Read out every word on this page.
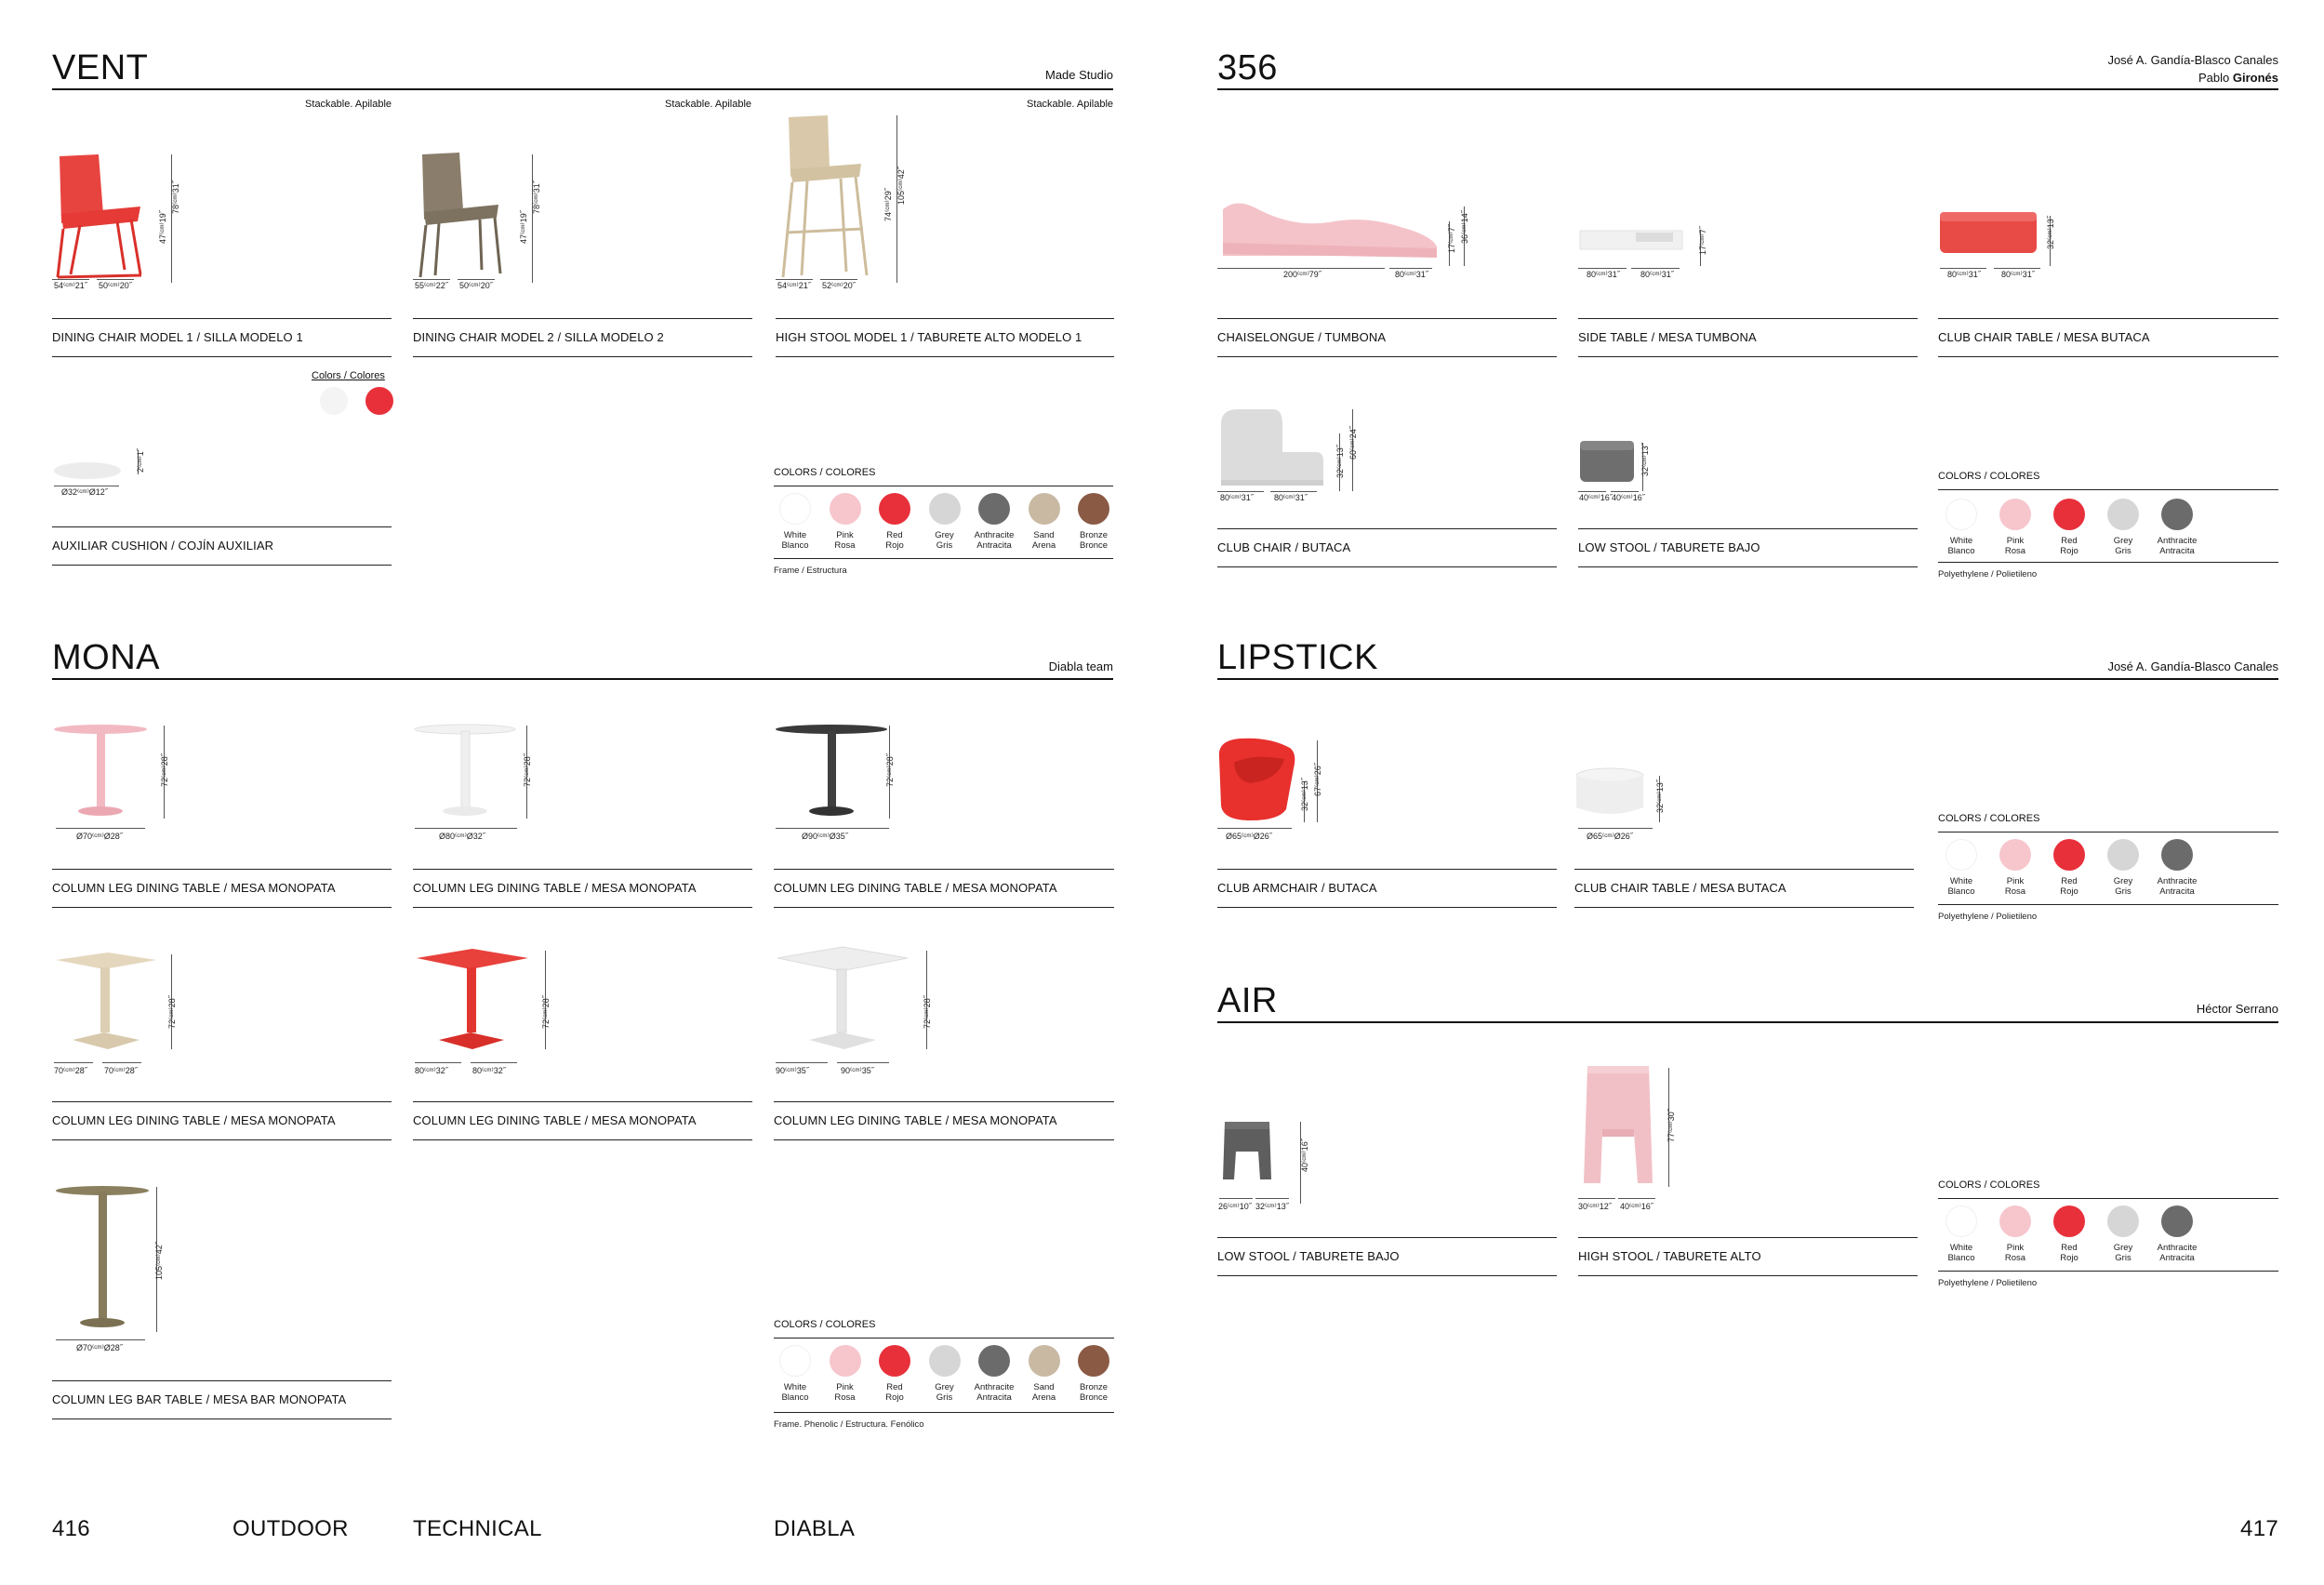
VENT	Made Studio
Stackable. Apilable	Stackable. Apilable	Stackable. Apilable
47⁽ᶜᵐ⁾19˝
78⁽ᶜᵐ⁾31˝
54⁽ᶜᵐ⁾21˝ 50⁽ᶜᵐ⁾20˝
DINING CHAIR MODEL 1 / SILLA MODELO 1
47⁽ᶜᵐ⁾19˝
78⁽ᶜᵐ⁾31˝
55⁽ᶜᵐ⁾22˝ 50⁽ᶜᵐ⁾20˝
DINING CHAIR MODEL 2 / SILLA MODELO 2
74⁽ᶜᵐ⁾29˝
105⁽ᶜᵐ⁾42˝
54⁽ᶜᵐ⁾21˝ 52⁽ᶜᵐ⁾20˝
HIGH STOOL MODEL 1 / TABURETE ALTO MODELO 1
Colors / Colores
2⁽ᶜᵐ⁾1˝
Ø32⁽ᶜᵐ⁾Ø12˝
AUXILIAR CUSHION / COJÍN AUXILIAR
COLORS / COLORES
White
Blanco
Pink
Rosa
Red
Rojo
Grey
Gris
Anthracite
Antracita
Sand
Arena
Bronze
Bronce
Frame / Estructura
356	José A. Gandía-Blasco Canales
Pablo Gironés
17⁽ᶜᵐ⁾7˝ 36⁽ᶜᵐ⁾14˝
200⁽ᶜᵐ⁾79˝	80⁽ᶜᵐ⁾31˝
CHAISELONGUE / TUMBONA
17⁽ᶜᵐ⁾7˝
80⁽ᶜᵐ⁾31˝ 80⁽ᶜᵐ⁾31˝
SIDE TABLE / MESA TUMBONA
32⁽ᶜᵐ⁾13˝
80⁽ᶜᵐ⁾31˝ 80⁽ᶜᵐ⁾31˝
CLUB CHAIR TABLE / MESA BUTACA
32⁽ᶜᵐ⁾13˝
60⁽ᶜᵐ⁾24˝
80⁽ᶜᵐ⁾31˝ 80⁽ᶜᵐ⁾31˝
CLUB CHAIR / BUTACA
32⁽ᶜᵐ⁾13˝
40⁽ᶜᵐ⁾16˝ 40⁽ᶜᵐ⁾16˝
LOW STOOL / TABURETE BAJO
COLORS / COLORES
White
Blanco
Pink
Rosa
Red
Rojo
Grey
Gris
Anthracite
Antracita
Polyethylene / Polietileno
MONA	Diabla team
72⁽ᶜᵐ⁾28˝
Ø70⁽ᶜᵐ⁾Ø28˝
COLUMN LEG DINING TABLE / MESA MONOPATA
72⁽ᶜᵐ⁾28˝
Ø80⁽ᶜᵐ⁾Ø32˝
COLUMN LEG DINING TABLE / MESA MONOPATA
72⁽ᶜᵐ⁾28˝
Ø90⁽ᶜᵐ⁾Ø35˝
COLUMN LEG DINING TABLE / MESA MONOPATA
72⁽ᶜᵐ⁾28˝
70⁽ᶜᵐ⁾28˝ 70⁽ᶜᵐ⁾28˝
COLUMN LEG DINING TABLE / MESA MONOPATA
72⁽ᶜᵐ⁾28˝
80⁽ᶜᵐ⁾32˝	80⁽ᶜᵐ⁾32˝
COLUMN LEG DINING TABLE / MESA MONOPATA
72⁽ᶜᵐ⁾28˝
90⁽ᶜᵐ⁾35˝	90⁽ᶜᵐ⁾35˝
COLUMN LEG DINING TABLE / MESA MONOPATA
105⁽ᶜᵐ⁾42˝
Ø70⁽ᶜᵐ⁾Ø28˝
COLUMN LEG BAR TABLE / MESA BAR MONOPATA
COLORS / COLORES
White
Blanco
Pink
Rosa
Red
Rojo
Grey
Gris
Anthracite
Antracita
Sand
Arena
Bronze
Bronce
Frame. Phenolic / Estructura. Fenólico
LIPSTICK	José A. Gandía-Blasco Canales
32⁽ᶜᵐ⁾13˝ 67⁽ᶜᵐ⁾26˝
Ø65⁽ᶜᵐ⁾Ø26˝
CLUB ARMCHAIR / BUTACA
32⁽ᶜᵐ⁾13˝
Ø65⁽ᶜᵐ⁾Ø26˝
CLUB CHAIR TABLE / MESA BUTACA
COLORS / COLORES
White
Blanco
Pink
Rosa
Red
Rojo
Grey
Gris
Anthracite
Antracita
Polyethylene / Polietileno
AIR	Héctor Serrano
40⁽ᶜᵐ⁾16˝
26⁽ᶜᵐ⁾10˝ 32⁽ᶜᵐ⁾13˝
LOW STOOL / TABURETE BAJO
77⁽ᶜᵐ⁾30˝
30⁽ᶜᵐ⁾12˝ 40⁽ᶜᵐ⁾16˝
HIGH STOOL / TABURETE ALTO
COLORS / COLORES
White
Blanco
Pink
Rosa
Red
Rojo
Grey
Gris
Anthracite
Antracita
Polyethylene / Polietileno
416	OUTDOOR	TECHNICAL	DIABLA	417
